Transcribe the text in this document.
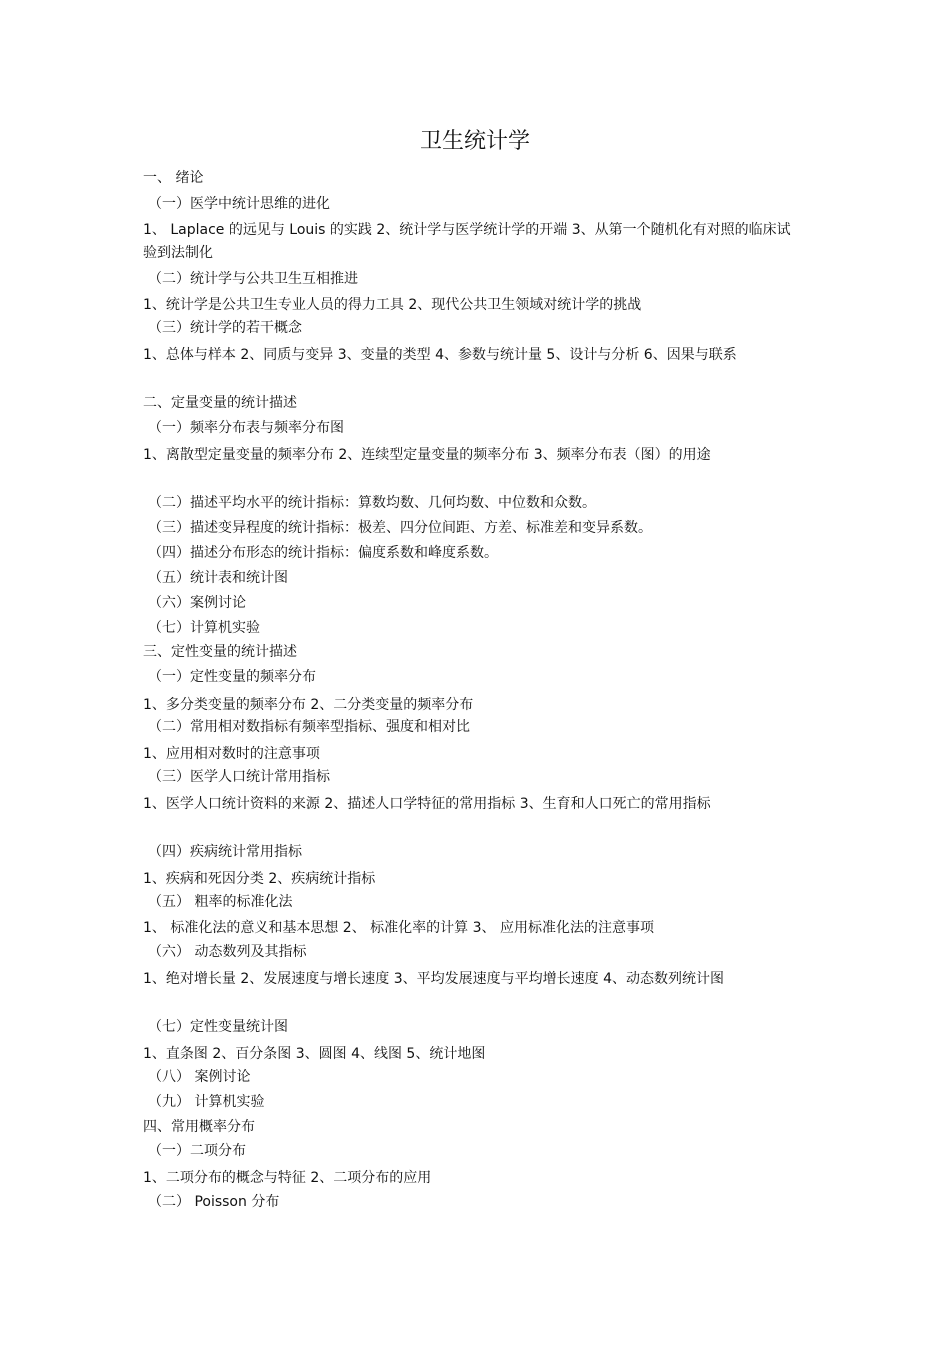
卫生统计学
一、 绪论
（一）医学中统计思维的进化
1、 Laplace 的远见与 Louis 的实践 2、统计学与医学统计学的开端 3、从第一个随机化有对照的临床试验到法制化
（二）统计学与公共卫生互相推进
1、统计学是公共卫生专业人员的得力工具 2、现代公共卫生领域对统计学的挑战
（三）统计学的若干概念
1、总体与样本 2、同质与变异 3、变量的类型 4、参数与统计量 5、设计与分析 6、因果与联系
二、定量变量的统计描述
（一）频率分布表与频率分布图
1、离散型定量变量的频率分布 2、连续型定量变量的频率分布 3、频率分布表（图）的用途
（二）描述平均水平的统计指标：算数均数、几何均数、中位数和众数。
（三）描述变异程度的统计指标：极差、四分位间距、方差、标准差和变异系数。
（四）描述分布形态的统计指标：偏度系数和峰度系数。
（五）统计表和统计图
（六）案例讨论
（七）计算机实验
三、定性变量的统计描述
（一）定性变量的频率分布
1、多分类变量的频率分布 2、二分类变量的频率分布
（二）常用相对数指标有频率型指标、强度和相对比
1、应用相对数时的注意事项
（三）医学人口统计常用指标
1、医学人口统计资料的来源 2、描述人口学特征的常用指标 3、生育和人口死亡的常用指标
（四）疾病统计常用指标
1、疾病和死因分类 2、疾病统计指标
（五） 粗率的标准化法
1、 标准化法的意义和基本思想 2、 标准化率的计算 3、 应用标准化法的注意事项
（六） 动态数列及其指标
1、绝对增长量 2、发展速度与增长速度 3、平均发展速度与平均增长速度 4、动态数列统计图
（七）定性变量统计图
1、直条图 2、百分条图 3、圆图 4、线图 5、统计地图
（八） 案例讨论
（九） 计算机实验
四、常用概率分布
（一）二项分布
1、二项分布的概念与特征 2、二项分布的应用
（二） Poisson 分布
